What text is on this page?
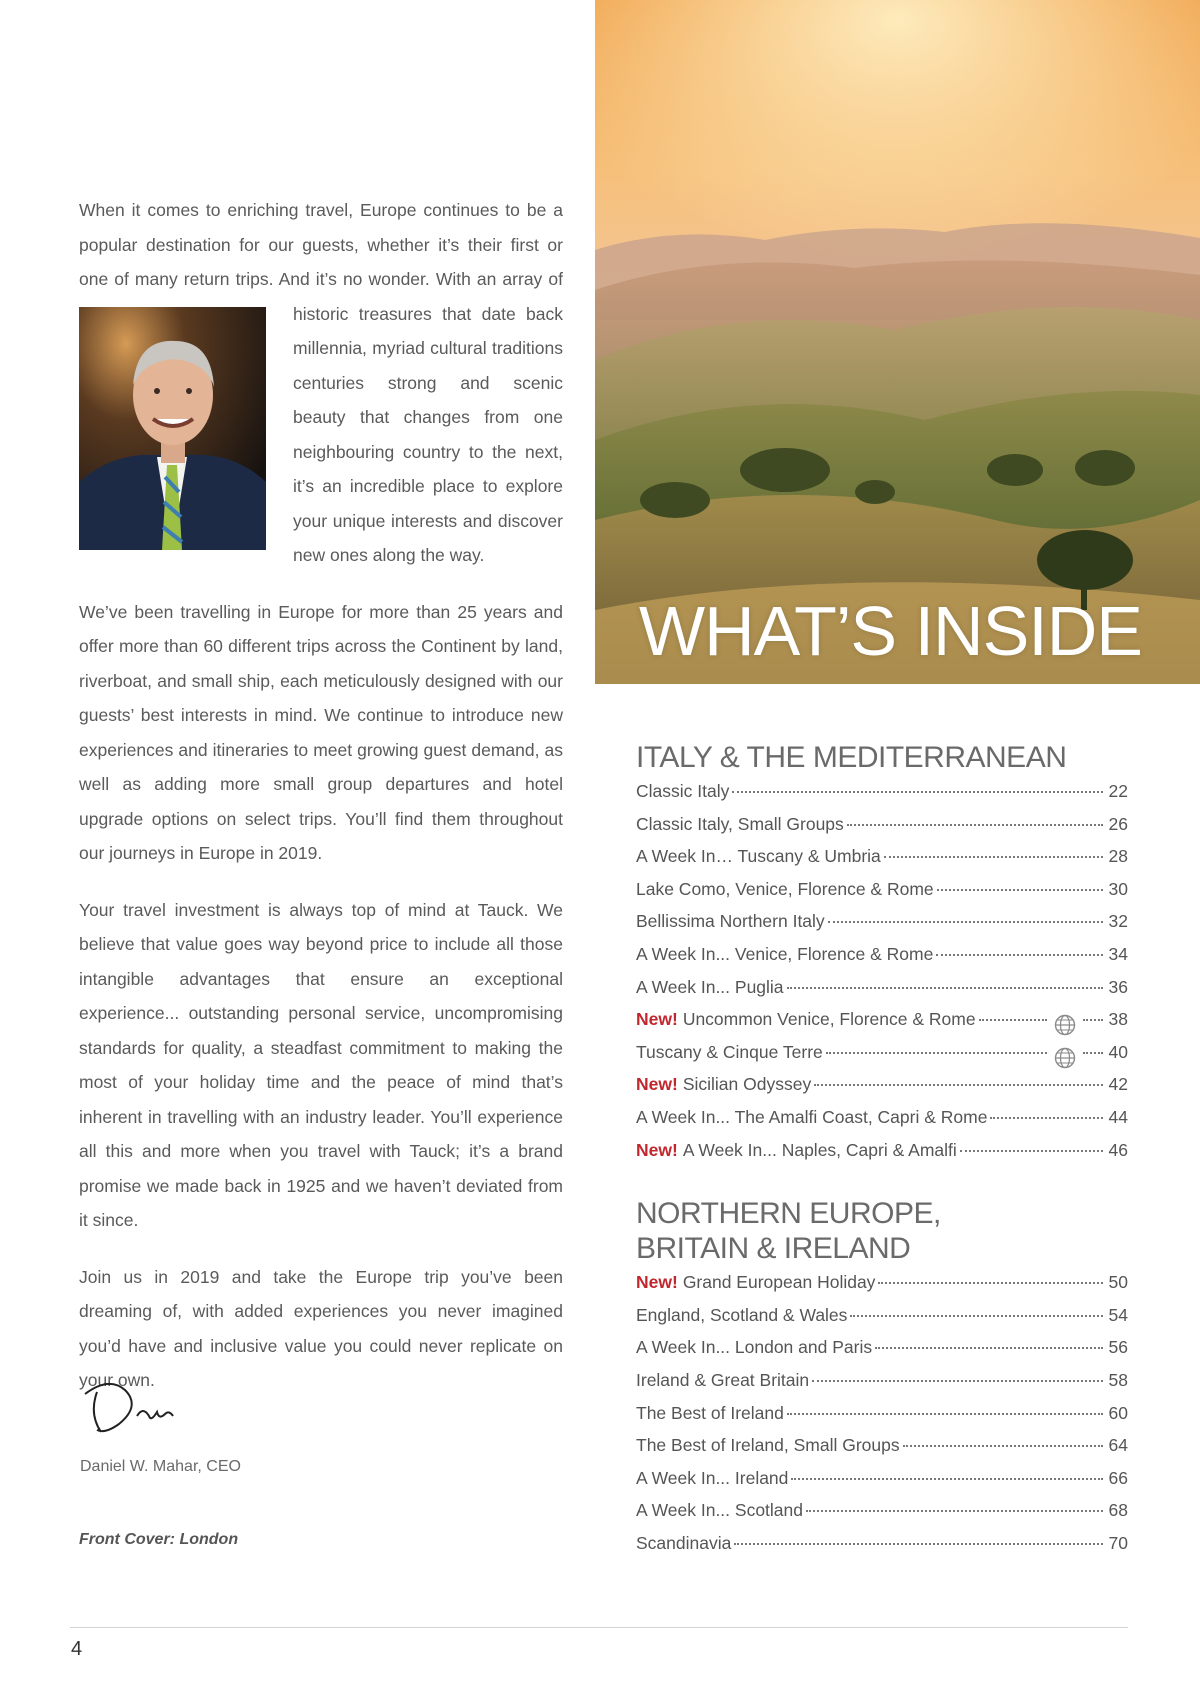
When it comes to enriching travel, Europe continues to be a popular destination for our guests, whether it’s their first or one of many return trips. And it’s no wonder. With an array of historic treasures that date back millennia, myriad cultural traditions centuries strong and scenic beauty that changes from one neighbouring country to the next, it’s an incredible place to explore your unique interests and discover new ones along the way.

We’ve been travelling in Europe for more than 25 years and offer more than 60 different trips across the Continent by land, riverboat, and small ship, each meticulously designed with our guests’ best interests in mind. We continue to introduce new experiences and itineraries to meet growing guest demand, as well as adding more small group departures and hotel upgrade options on select trips. You’ll find them throughout our journeys in Europe in 2019.

Your travel investment is always top of mind at Tauck. We believe that value goes way beyond price to include all those intangible advantages that ensure an exceptional experience... outstanding personal service, uncompromising standards for quality, a steadfast commitment to making the most of your holiday time and the peace of mind that’s inherent in travelling with an industry leader. You’ll experience all this and more when you travel with Tauck; it’s a brand promise we made back in 1925 and we haven’t deviated from it since.

Join us in 2019 and take the Europe trip you’ve been dreaming of, with added experiences you never imagined you’d have and inclusive value you could never replicate on your own.

Daniel W. Mahar, CEO
Front Cover: London
WHAT’S INSIDE
ITALY & THE MEDITERRANEAN
Classic Italy	22
Classic Italy, Small Groups	26
A Week In… Tuscany & Umbria	28
Lake Como, Venice, Florence & Rome	30
Bellissima Northern Italy	32
A Week In... Venice, Florence & Rome	34
A Week In... Puglia	36
New! Uncommon Venice, Florence & Rome	38
Tuscany & Cinque Terre	40
New! Sicilian Odyssey	42
A Week In... The Amalfi Coast, Capri & Rome	44
New! A Week In... Naples, Capri & Amalfi	46
NORTHERN EUROPE,
BRITAIN & IRELAND
New! Grand European Holiday	50
England, Scotland & Wales	54
A Week In... London and Paris	56
Ireland & Great Britain	58
The Best of Ireland	60
The Best of Ireland, Small Groups	64
A Week In... Ireland	66
A Week In... Scotland	68
Scandinavia	70
4
